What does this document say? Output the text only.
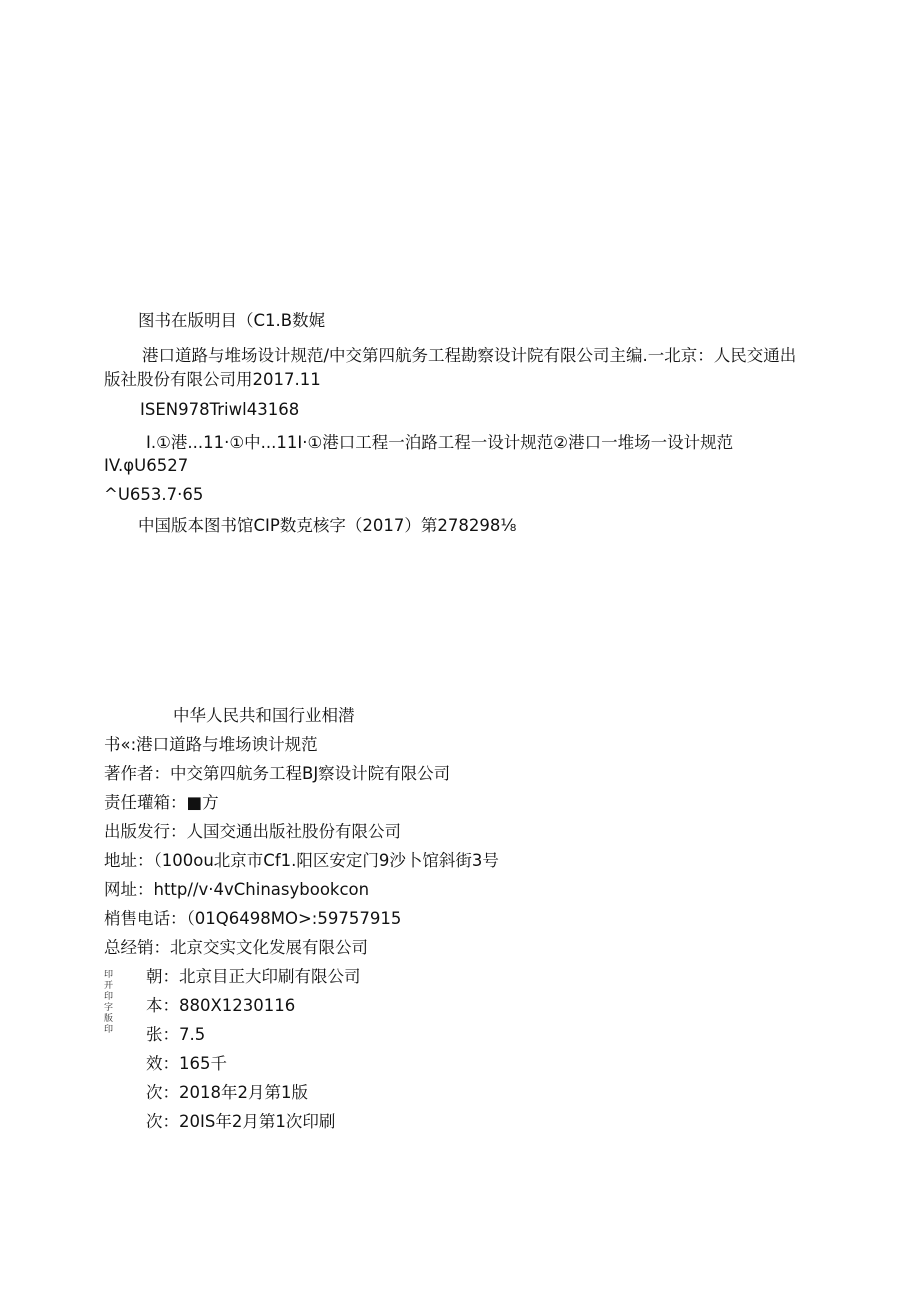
图书在版明目（C1.B数娓
港口道路与堆场设计规范/中交第四航务工程勘察设计院有限公司主编.一北京：人民交通出
版社股份有限公司用2017.11
ISEN978Triwl43168
I.①港...11·①中...11I·①港口工程一泊路工程一设计规范②港口一堆场一设计规范
IV.φU6527
^U653.7·65
中国版本图书馆CIP数克核字（2017）第278298⅛
中华人民共和国行业相潜
书«:港口道路与堆场谀计规范
著作者：中交第四航务工程BJ察设计院有限公司
责任瓘箱：■方
出版发行：人国交通出版社股份有限公司
地址：（100ou北京市Cf1.阳区安定门9沙卜馆斜街3号
网址：http//v·4vChinasybookcon
梢售电话：（01Q6498MO>:59757915
总经销：北京交实文化发展有限公司
印开印字版印
朝：北京目正大印刷有限公司
本：880X1230116
张：7.5
效：165千
次：2018年2月第1版
次：20IS年2月第1次印刷
